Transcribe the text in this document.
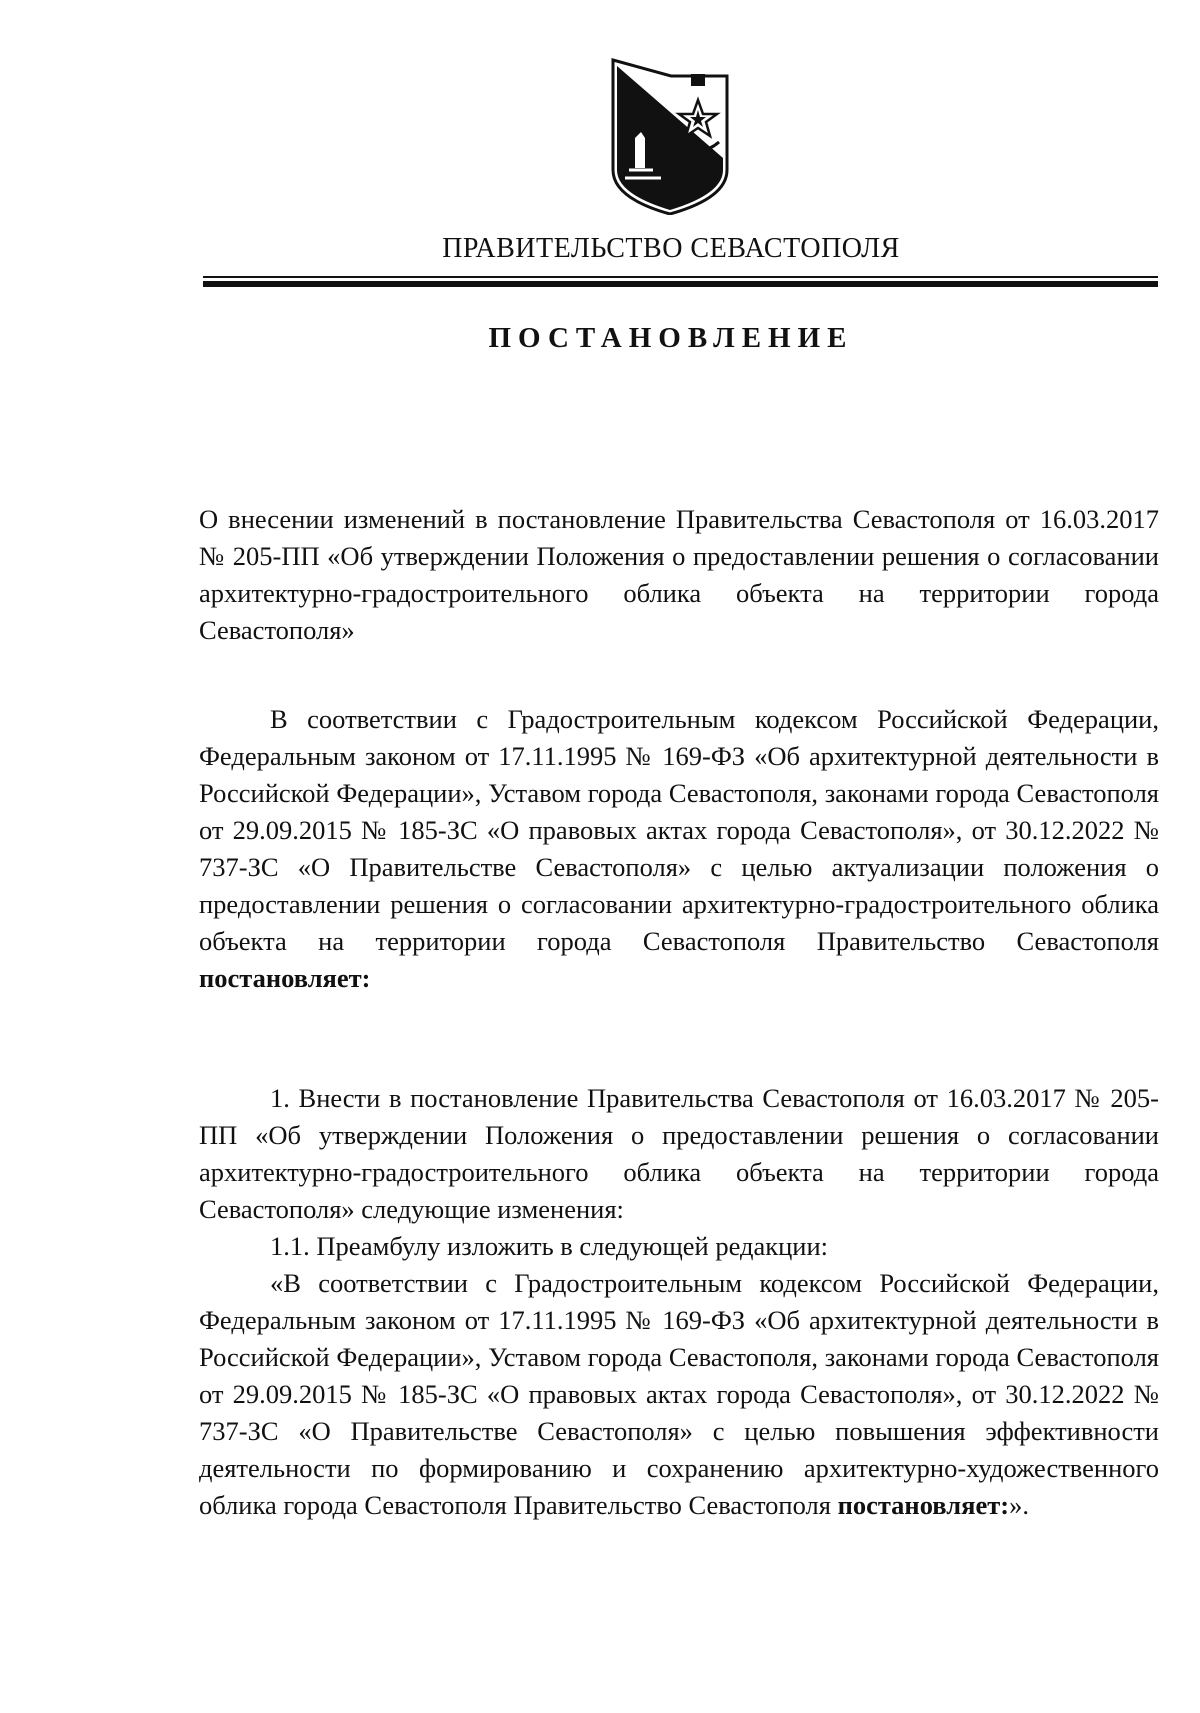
ПРАВИТЕЛЬСТВО СЕВАСТОПОЛЯ
ПОСТАНОВЛЕНИЕ

О внесении изменений в постановление Правительства Севастополя от 16.03.2017 № 205-ПП «Об утверждении Положения о предоставлении решения о согласовании архитектурно-градостроительного облика объекта на территории города Севастополя»

В соответствии с Градостроительным кодексом Российской Федерации, Федеральным законом от 17.11.1995 № 169-ФЗ «Об архитектурной деятельности в Российской Федерации», Уставом города Севастополя, законами города Севастополя от 29.09.2015 № 185-ЗС «О правовых актах города Севастополя», от 30.12.2022 № 737-ЗС «О Правительстве Севастополя» с целью актуализации положения о предоставлении решения о согласовании архитектурно-градостроительного облика объекта на территории города Севастополя Правительство Севастополя постановляет:

1. Внести в постановление Правительства Севастополя от 16.03.2017 № 205-ПП «Об утверждении Положения о предоставлении решения о согласовании архитектурно-градостроительного облика объекта на территории города Севастополя» следующие изменения:

1.1. Преамбулу изложить в следующей редакции:

«В соответствии с Градостроительным кодексом Российской Федерации, Федеральным законом от 17.11.1995 № 169-ФЗ «Об архитектурной деятельности в Российской Федерации», Уставом города Севастополя, законами города Севастополя от 29.09.2015 № 185-ЗС «О правовых актах города Севастополя», от 30.12.2022 № 737-ЗС «О Правительстве Севастополя» с целью повышения эффективности деятельности по формированию и сохранению архитектурно-художественного облика города Севастополя Правительство Севастополя постановляет:».
